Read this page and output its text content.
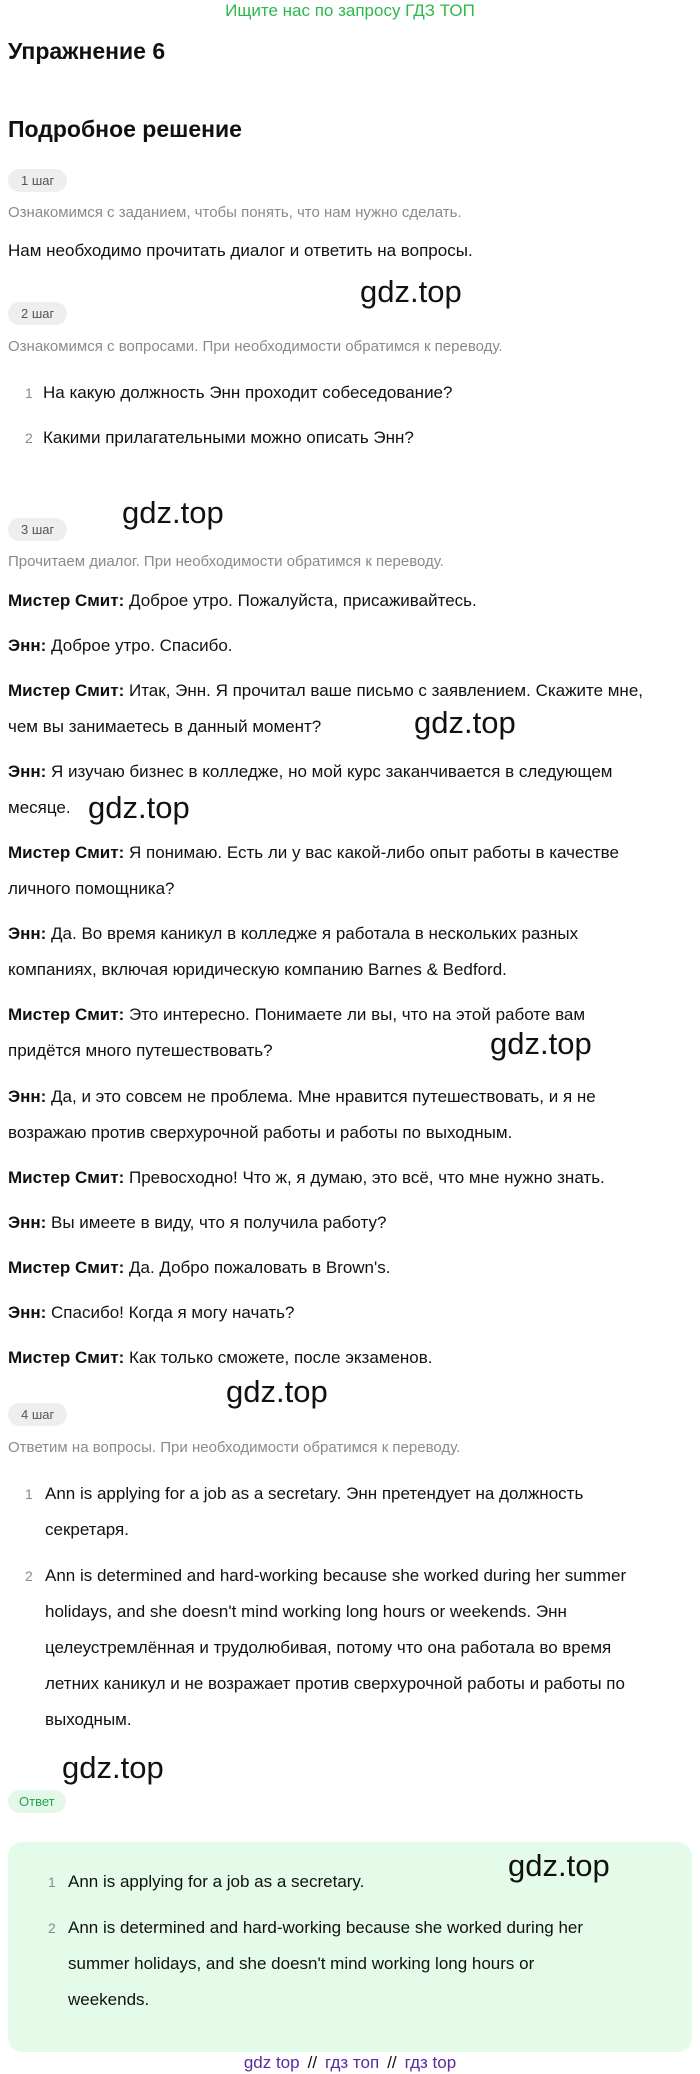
Ищите нас по запросу ГДЗ ТОП
Упражнение 6
Подробное решение
1 шаг
Ознакомимся с заданием, чтобы понять, что нам нужно сделать.
Нам необходимо прочитать диалог и ответить на вопросы.
gdz.top
2 шаг
Ознакомимся с вопросами. При необходимости обратимся к переводу.
1 На какую должность Энн проходит собеседование?
2 Какими прилагательными можно описать Энн?
gdz.top
3 шаг
Прочитаем диалог. При необходимости обратимся к переводу.
Мистер Смит: Доброе утро. Пожалуйста, присаживайтесь.
Энн: Доброе утро. Спасибо.
Мистер Смит: Итак, Энн. Я прочитал ваше письмо с заявлением. Скажите мне,
чем вы занимаетесь в данный момент?	gdz.top
Энн: Я изучаю бизнес в колледже, но мой курс заканчивается в следующем
месяце. gdz.top
Мистер Смит: Я понимаю. Есть ли у вас какой-либо опыт работы в качестве
личного помощника?
Энн: Да. Во время каникул в колледже я работала в нескольких разных
компаниях, включая юридическую компанию Barnes & Bedford.
Мистер Смит: Это интересно. Понимаете ли вы, что на этой работе вам
придётся много путешествовать?	gdz.top
Энн: Да, и это совсем не проблема. Мне нравится путешествовать, и я не
возражаю против сверхурочной работы и работы по выходным.
Мистер Смит: Превосходно! Что ж, я думаю, это всё, что мне нужно знать.
Энн: Вы имеете в виду, что я получила работу?
Мистер Смит: Да. Добро пожаловать в Brown's.
Энн: Спасибо! Когда я могу начать?
Мистер Смит: Как только сможете, после экзаменов.
gdz.top
4 шаг
Ответим на вопросы. При необходимости обратимся к переводу.
1 Ann is applying for a job as a secretary. Энн претендует на должность
секретаря.
2 Ann is determined and hard-working because she worked during her summer
holidays, and she doesn't mind working long hours or weekends. Энн
целеустремлённая и трудолюбивая, потому что она работала во время
летних каникул и не возражает против сверхурочной работы и работы по
выходным.
gdz.top
Ответ
gdz.top
1 Ann is applying for a job as a secretary.
2 Ann is determined and hard-working because she worked during her
summer holidays, and she doesn't mind working long hours or
weekends.
gdz top // гдз топ // гдз top
